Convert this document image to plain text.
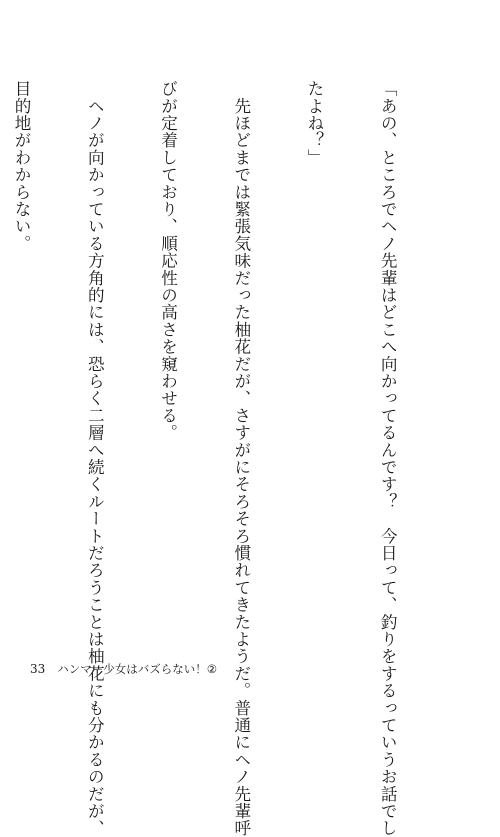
「あの、ところでヘノ先輩はどこへ向かってるんです？　今日って、釣りをするっていうお話でし

たよね？」

　先ほどまでは緊張気味だった柚花だが、さすがにそろそろ慣れてきたようだ。普通にヘノ先輩呼

びが定着しており、順応性の高さを窺わせる。

　ヘノが向かっている方角的には、恐らく二層へ続くルートだろうことは柚花にも分かるのだが、

目的地がわからない。

33 ハンマー少女はバズらない！②
